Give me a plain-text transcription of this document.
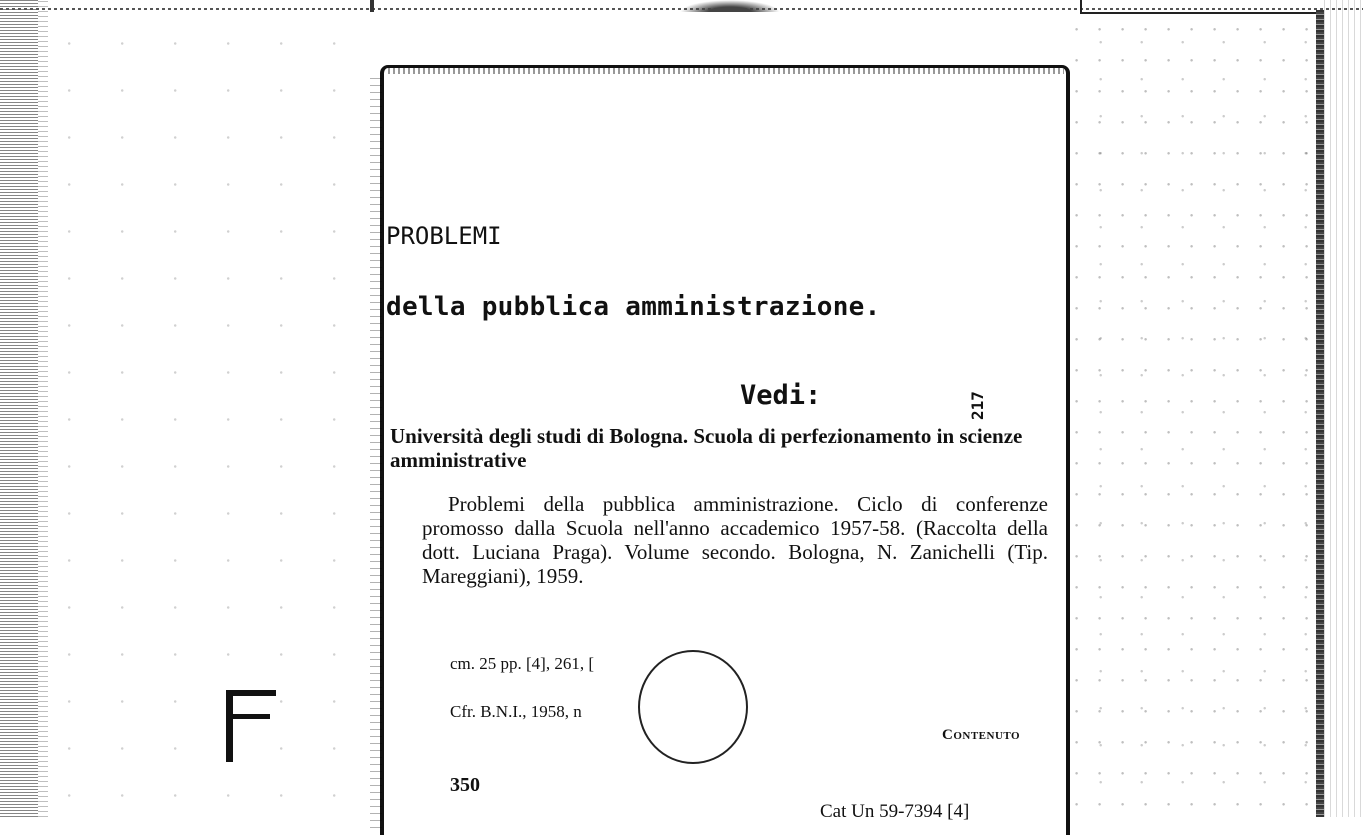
PROBLEMI
della pubblica amministrazione.
Vedi:	217
Università degli studi di Bologna. Scuola di perfezionamento in scienze amministrative
Problemi della pubblica amministrazione. Ciclo di conferenze promosso dalla Scuola nell'anno accademico 1957-58. (Raccolta della dott. Luciana Praga). Volume secondo. Bologna, N. Zanichelli (Tip. Mareggiani), 1959.
cm. 25 pp. [4], 261, [
Cfr. B.N.I., 1958, n
Contenuto
350
Cat Un 59-7394 [4]
